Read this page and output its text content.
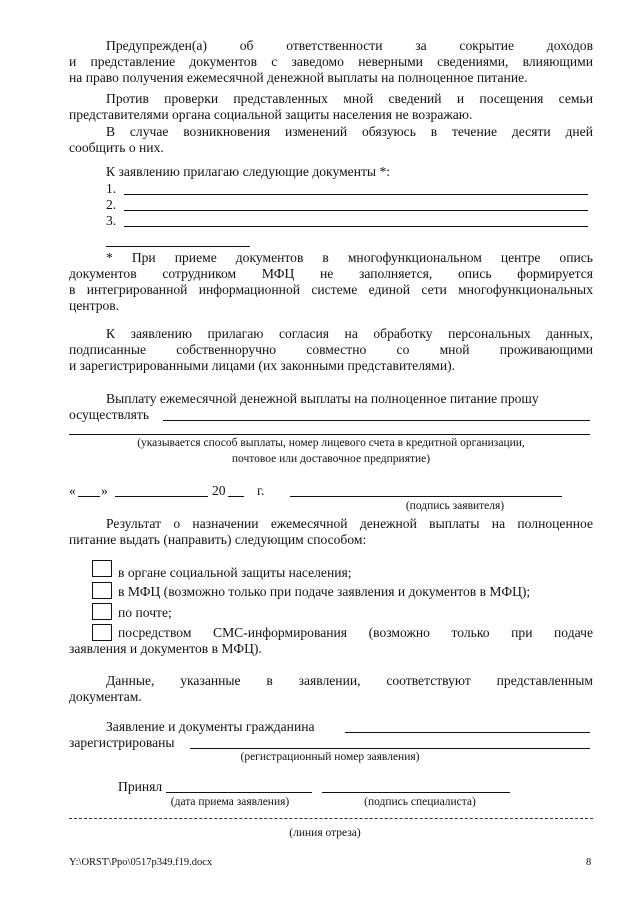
Предупрежден(а) об ответственности за сокрытие доходов
и представление документов с заведомо неверными сведениями, влияющими
на право получения ежемесячной денежной выплаты на полноценное питание.
Против проверки представленных мной сведений и посещения семьи
представителями органа социальной защиты населения не возражаю.
В случае возникновения изменений обязуюсь в течение десяти дней
сообщить о них.
К заявлению прилагаю следующие документы *:
1.
2.
3.
* При приеме документов в многофункциональном центре опись
документов сотрудником МФЦ не заполняется, опись формируется
в интегрированной информационной системе единой сети многофункциональных
центров.
К заявлению прилагаю согласия на обработку персональных данных,
подписанные собственноручно совместно со мной проживающими
и зарегистрированными лицами (их законными представителями).
Выплату ежемесячной денежной выплаты на полноценное питание прошу
осуществлять
(указывается способ выплаты, номер лицевого счета в кредитной организации,
почтовое или доставочное предприятие)
« »	20 г.
(подпись заявителя)
Результат о назначении ежемесячной денежной выплаты на полноценное
питание выдать (направить) следующим способом:
в органе социальной защиты населения;
в МФЦ (возможно только при подаче заявления и документов в МФЦ);
по почте;
посредством СМС-информирования (возможно только при подаче
заявления и документов в МФЦ).
Данные, указанные в заявлении, соответствуют представленным
документам.
Заявление и документы гражданина
зарегистрированы
(регистрационный номер заявления)
Принял
(дата приема заявления)	(подпись специалиста)
(линия отреза)
Y:\ORST\Ppo\0517p349.f19.docx	8
